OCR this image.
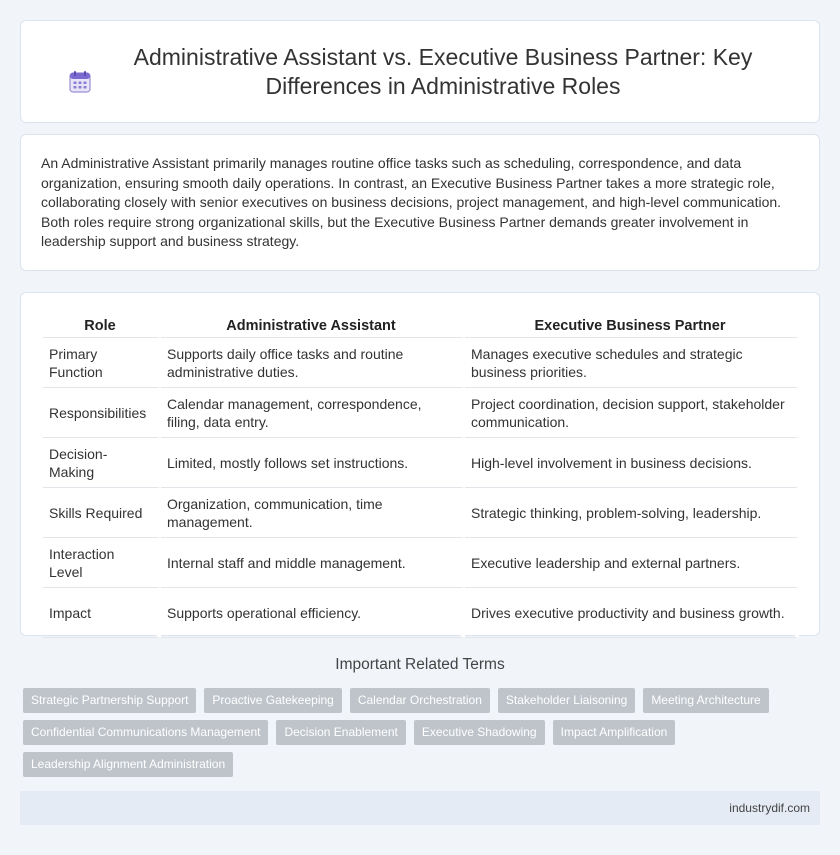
Administrative Assistant vs. Executive Business Partner: Key Differences in Administrative Roles

An Administrative Assistant primarily manages routine office tasks such as scheduling, correspondence, and data organization, ensuring smooth daily operations. In contrast, an Executive Business Partner takes a more strategic role, collaborating closely with senior executives on business decisions, project management, and high-level communication. Both roles require strong organizational skills, but the Executive Business Partner demands greater involvement in leadership support and business strategy.

Role	Administrative Assistant	Executive Business Partner
Primary Function	Supports daily office tasks and routine administrative duties.	Manages executive schedules and strategic business priorities.
Responsibilities	Calendar management, correspondence, filing, data entry.	Project coordination, decision support, stakeholder communication.
Decision-Making	Limited, mostly follows set instructions.	High-level involvement in business decisions.
Skills Required	Organization, communication, time management.	Strategic thinking, problem-solving, leadership.
Interaction Level	Internal staff and middle management.	Executive leadership and external partners.
Impact	Supports operational efficiency.	Drives executive productivity and business growth.
Important Related Terms
Strategic Partnership Support	Proactive Gatekeeping	Calendar Orchestration	Stakeholder Liaisoning	Meeting Architecture
Confidential Communications Management	Decision Enablement	Executive Shadowing	Impact Amplification
Leadership Alignment Administration
industrydif.com
